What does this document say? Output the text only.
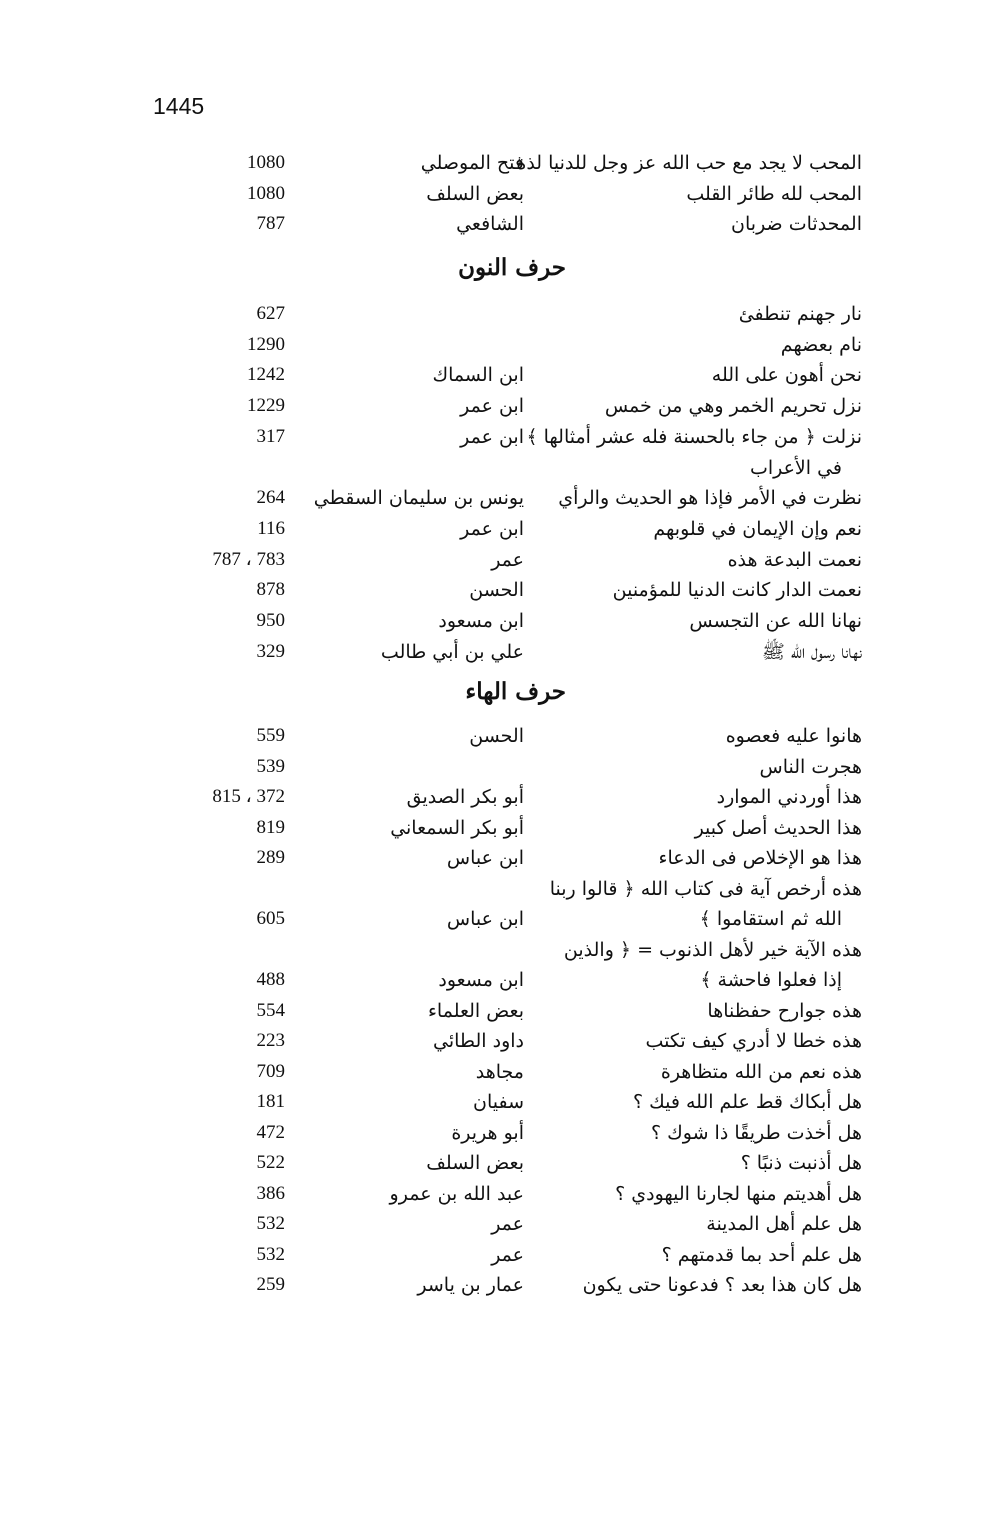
1445
المحب لا يجد مع حب الله عز وجل للدنيا لذة
فتح الموصلي
1080
المحب لله طائر القلب
بعض السلف
1080
المحدثات ضربان
الشافعي
787
حرف النون
نار جهنم تنطفئ
627
نام بعضهم
1290
نحن أهون على الله
ابن السماك
1242
نزل تحريم الخمر وهي من خمس
ابن عمر
1229
نزلت ﴿ من جاء بالحسنة فله عشر أمثالها ﴾
ابن عمر
317
في الأعراب
نظرت في الأمر فإذا هو الحديث والرأي
يونس بن سليمان السقطي
264
نعم وإن الإيمان في قلوبهم
ابن عمر
116
نعمت البدعة هذه
عمر
787 ، 783
نعمت الدار كانت الدنيا للمؤمنين
الحسن
878
نهانا الله عن التجسس
ابن مسعود
950
نهانا رسول الله ﷺ
علي بن أبي طالب
329
حرف الهاء
هانوا عليه فعصوه
الحسن
559
هجرت الناس
539
هذا أوردني الموارد
أبو بكر الصديق
815 ، 372
هذا الحديث أصل كبير
أبو بكر السمعاني
819
هذا هو الإخلاص فى الدعاء
ابن عباس
289
هذه أرخص آية فى كتاب الله ﴿ قالوا ربنا
الله ثم استقاموا ﴾
ابن عباس
605
هذه الآية خير لأهل الذنوب = ﴿ والذين
إذا فعلوا فاحشة ﴾
ابن مسعود
488
هذه جوارح حفظناها
بعض العلماء
554
هذه خطا لا أدري كيف تكتب
داود الطائي
223
هذه نعم من الله متظاهرة
مجاهد
709
هل أبكاك قط علم الله فيك ؟
سفيان
181
هل أخذت طريقًا ذا شوك ؟
أبو هريرة
472
هل أذنبت ذنبًا ؟
بعض السلف
522
هل أهديتم منها لجارنا اليهودي ؟
عبد الله بن عمرو
386
هل علم أهل المدينة
عمر
532
هل علم أحد بما قدمتهم ؟
عمر
532
هل كان هذا بعد ؟ فدعونا حتى يكون
عمار بن ياسر
259
